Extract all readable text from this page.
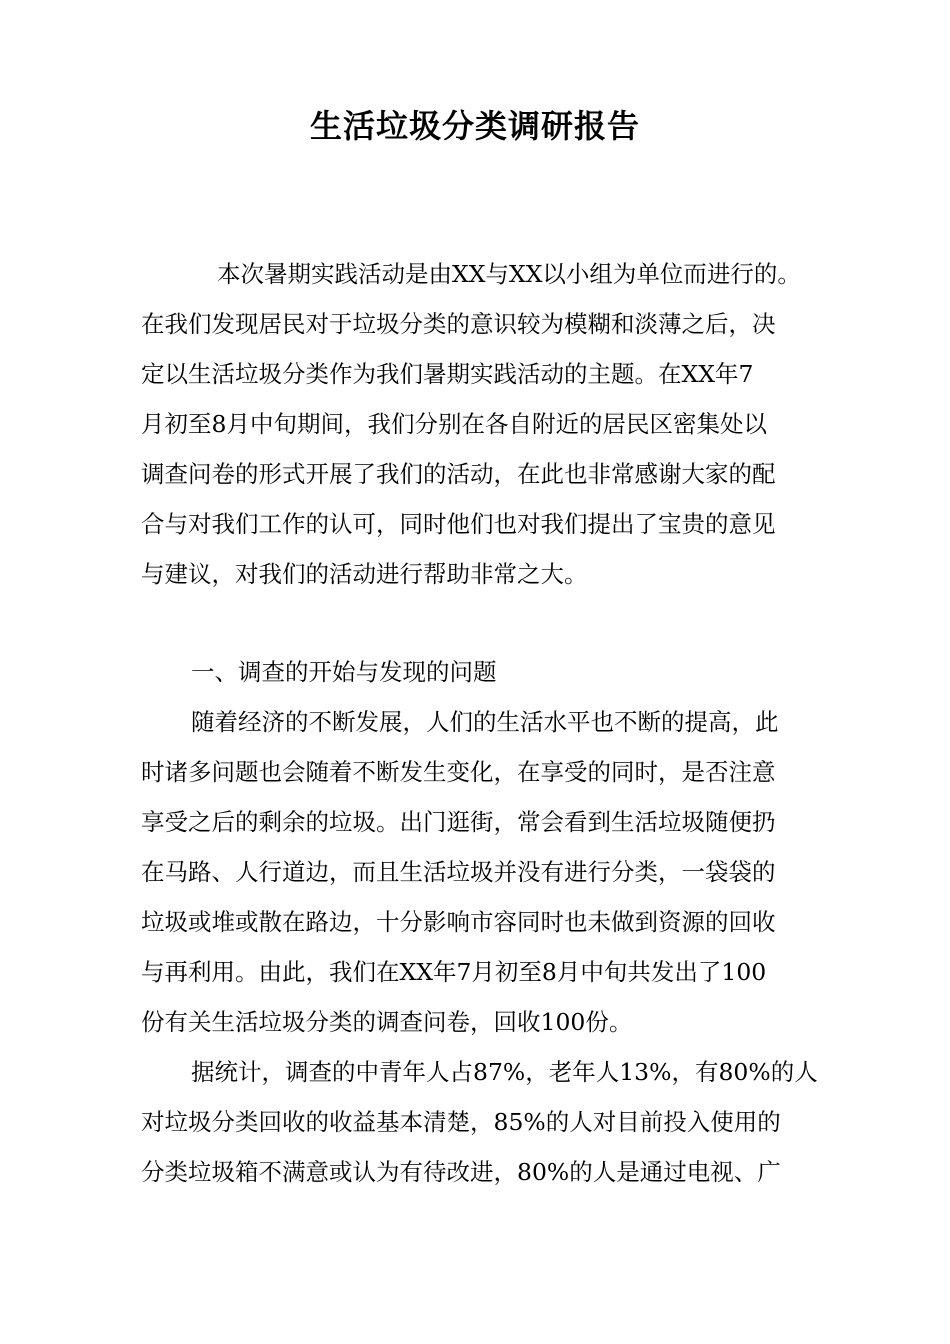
生活垃圾分类调研报告
本次暑期实践活动是由XX与XX以小组为单位而进行的。
在我们发现居民对于垃圾分类的意识较为模糊和淡薄之后，决
定以生活垃圾分类作为我们暑期实践活动的主题。在XX年7
月初至8月中旬期间，我们分别在各自附近的居民区密集处以
调查问卷的形式开展了我们的活动，在此也非常感谢大家的配
合与对我们工作的认可，同时他们也对我们提出了宝贵的意见
与建议，对我们的活动进行帮助非常之大。
一、调查的开始与发现的问题
随着经济的不断发展，人们的生活水平也不断的提高，此
时诸多问题也会随着不断发生变化，在享受的同时，是否注意
享受之后的剩余的垃圾。出门逛街，常会看到生活垃圾随便扔
在马路、人行道边，而且生活垃圾并没有进行分类，一袋袋的
垃圾或堆或散在路边，十分影响市容同时也未做到资源的回收
与再利用。由此，我们在XX年7月初至8月中旬共发出了100
份有关生活垃圾分类的调查问卷，回收100份。
据统计，调查的中青年人占87%，老年人13%，有80%的人
对垃圾分类回收的收益基本清楚，85%的人对目前投入使用的
分类垃圾箱不满意或认为有待改进，80%的人是通过电视、广
